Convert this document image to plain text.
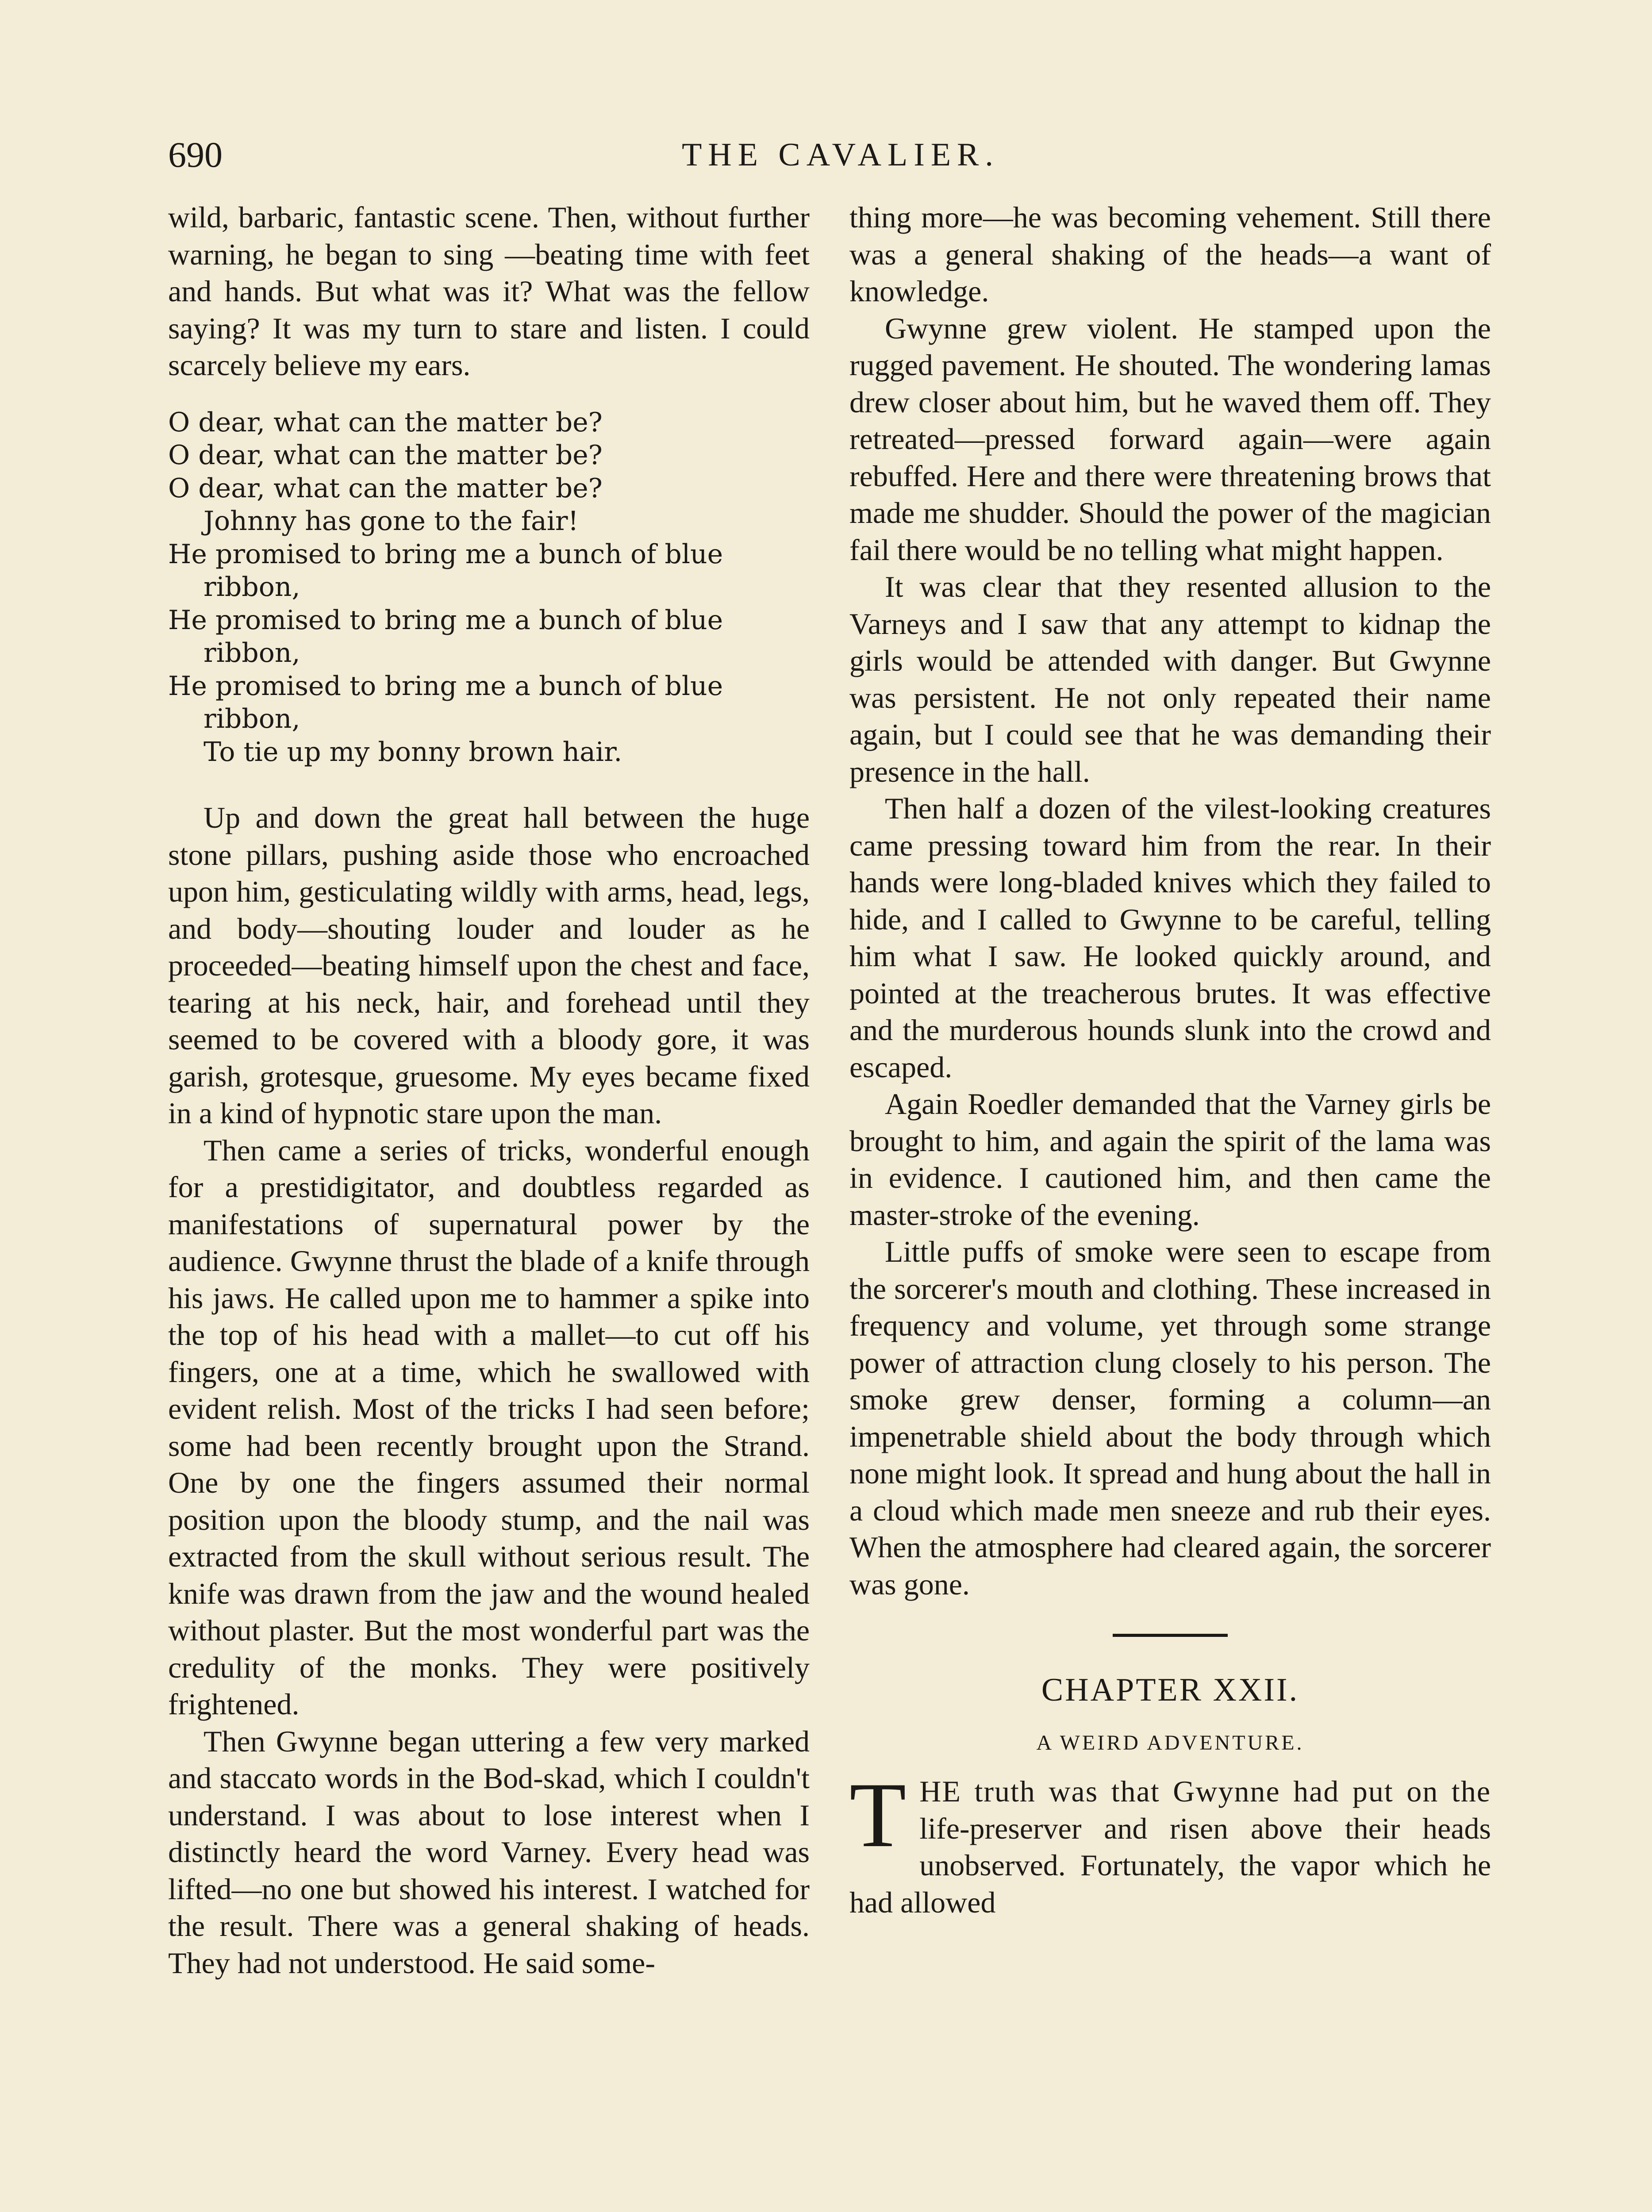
690	THE CAVALIER.

wild, barbaric, fantastic scene. Then, without further warning, he began to sing —beating time with feet and hands. But what was it? What was the fellow saying? It was my turn to stare and listen. I could scarcely believe my ears.

O dear, what can the matter be?
O dear, what can the matter be?
O dear, what can the matter be?
Johnny has gone to the fair!
He promised to bring me a bunch of blue ribbon,
He promised to bring me a bunch of blue ribbon,
He promised to bring me a bunch of blue ribbon,
To tie up my bonny brown hair.

Up and down the great hall between the huge stone pillars, pushing aside those who encroached upon him, gesticulating wildly with arms, head, legs, and body—shouting louder and louder as he proceeded—beating himself upon the chest and face, tearing at his neck, hair, and forehead until they seemed to be covered with a bloody gore, it was garish, grotesque, gruesome. My eyes became fixed in a kind of hypnotic stare upon the man.

Then came a series of tricks, wonderful enough for a prestidigitator, and doubtless regarded as manifestations of supernatural power by the audience. Gwynne thrust the blade of a knife through his jaws. He called upon me to hammer a spike into the top of his head with a mallet—to cut off his fingers, one at a time, which he swallowed with evident relish. Most of the tricks I had seen before; some had been recently brought upon the Strand. One by one the fingers assumed their normal position upon the bloody stump, and the nail was extracted from the skull without serious result. The knife was drawn from the jaw and the wound healed without plaster. But the most wonderful part was the credulity of the monks. They were positively frightened.

Then Gwynne began uttering a few very marked and staccato words in the Bod-skad, which I couldn't understand. I was about to lose interest when I distinctly heard the word Varney. Every head was lifted—no one but showed his interest. I watched for the result. There was a general shaking of heads. They had not understood. He said some-

thing more—he was becoming vehement. Still there was a general shaking of the heads—a want of knowledge.

Gwynne grew violent. He stamped upon the rugged pavement. He shouted. The wondering lamas drew closer about him, but he waved them off. They retreated—pressed forward again—were again rebuffed. Here and there were threatening brows that made me shudder. Should the power of the magician fail there would be no telling what might happen.

It was clear that they resented allusion to the Varneys and I saw that any attempt to kidnap the girls would be attended with danger. But Gwynne was persistent. He not only repeated their name again, but I could see that he was demanding their presence in the hall.

Then half a dozen of the vilest-looking creatures came pressing toward him from the rear. In their hands were long-bladed knives which they failed to hide, and I called to Gwynne to be careful, telling him what I saw. He looked quickly around, and pointed at the treacherous brutes. It was effective and the murderous hounds slunk into the crowd and escaped.

Again Roedler demanded that the Varney girls be brought to him, and again the spirit of the lama was in evidence. I cautioned him, and then came the master-stroke of the evening.

Little puffs of smoke were seen to escape from the sorcerer's mouth and clothing. These increased in frequency and volume, yet through some strange power of attraction clung closely to his person. The smoke grew denser, forming a column—an impenetrable shield about the body through which none might look. It spread and hung about the hall in a cloud which made men sneeze and rub their eyes. When the atmosphere had cleared again, the sorcerer was gone.

CHAPTER XXII.
A WEIRD ADVENTURE.

THE truth was that Gwynne had put on the life-preserver and risen above their heads unobserved. Fortunately, the vapor which he had allowed
